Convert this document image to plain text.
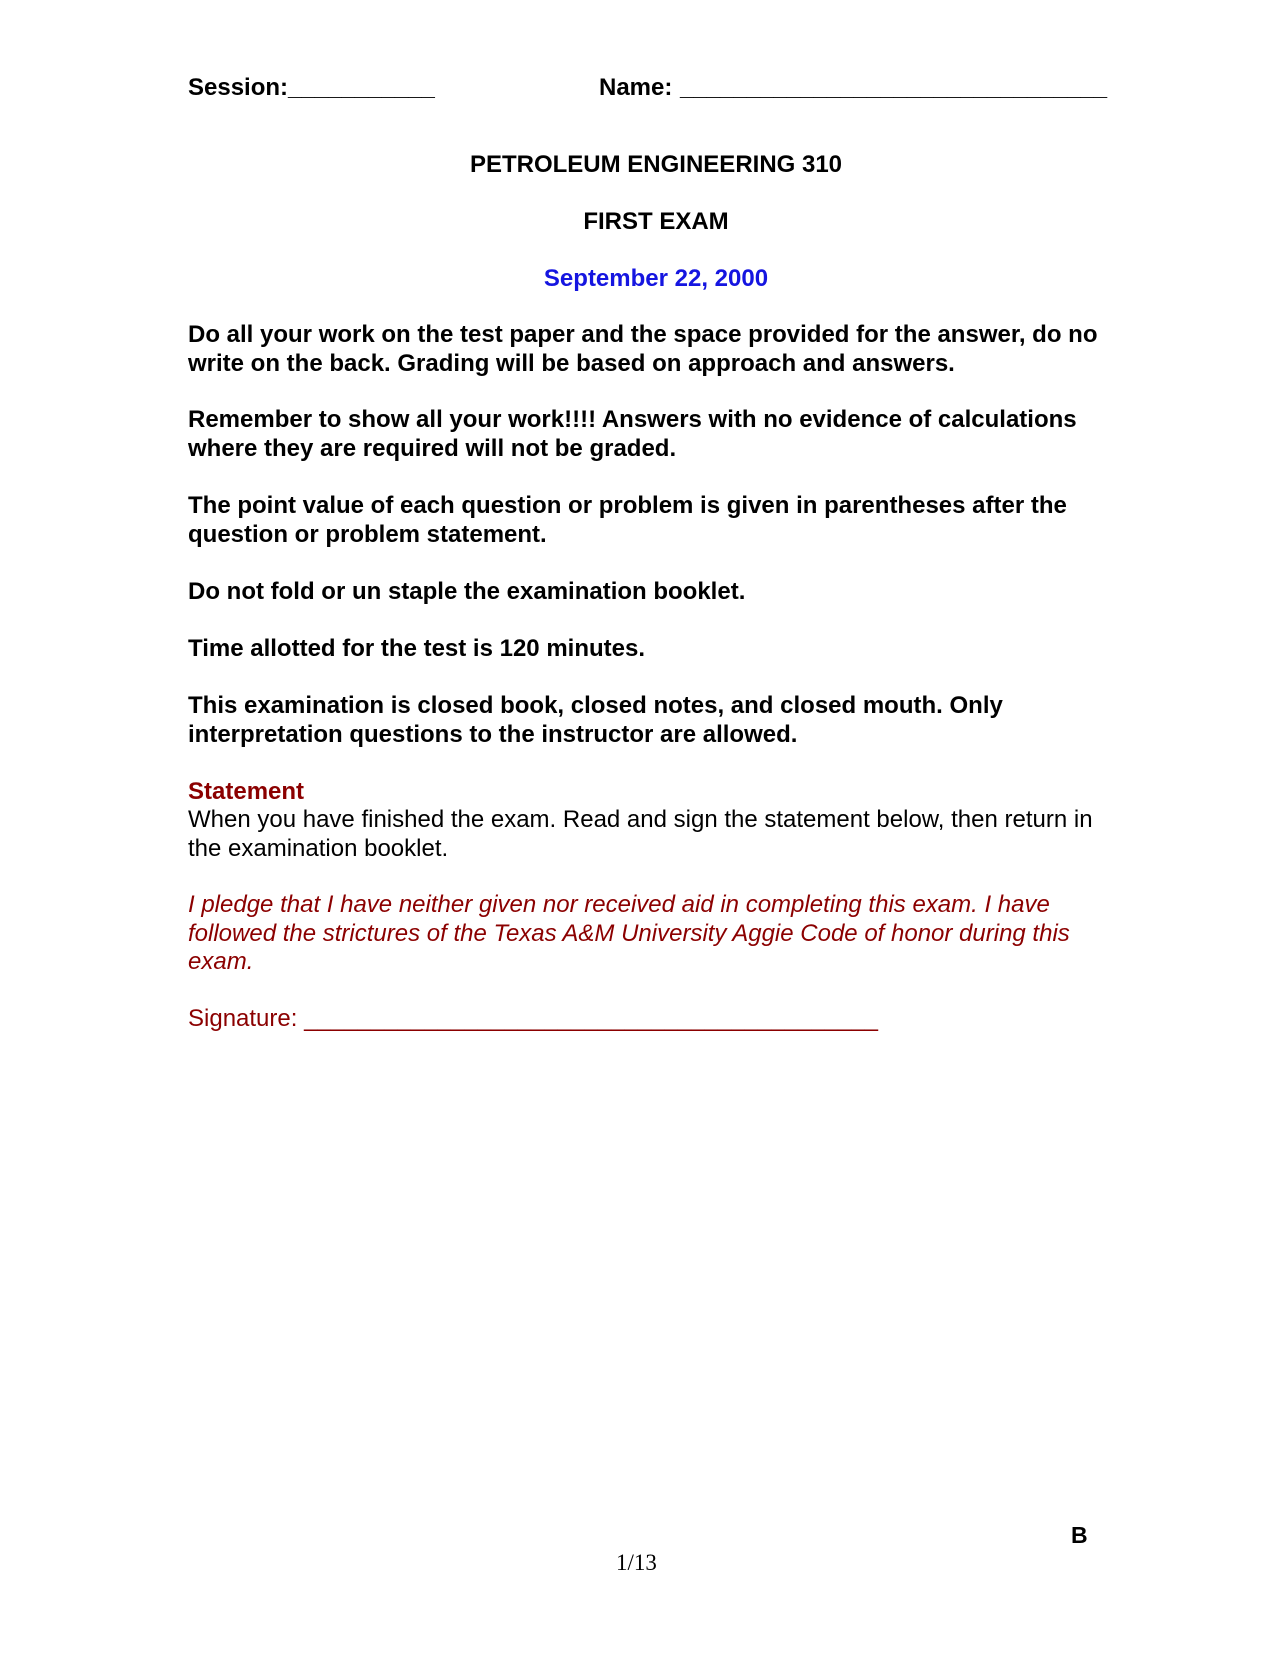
Session:___________	Name: ________________________________
PETROLEUM ENGINEERING 310
FIRST EXAM
September 22, 2000
Do all your work on the test paper and the space provided for the answer, do no write on the back. Grading will be based on approach and answers.
Remember to show all your work!!!! Answers with no evidence of calculations where they are required will not be graded.
The point value of each question or problem is given in parentheses after the question or problem statement.
Do not fold or un staple the examination booklet.
Time allotted for the test is 120 minutes.
This examination is closed book, closed notes, and closed mouth. Only interpretation questions to the instructor are allowed.
Statement
When you have finished the exam. Read and sign the statement below, then return in the examination booklet.
I pledge that I have neither given nor received aid in completing this exam. I have followed the strictures of the Texas A&M University Aggie Code of honor during this exam.
Signature: ___________________________________________
B
1/13
